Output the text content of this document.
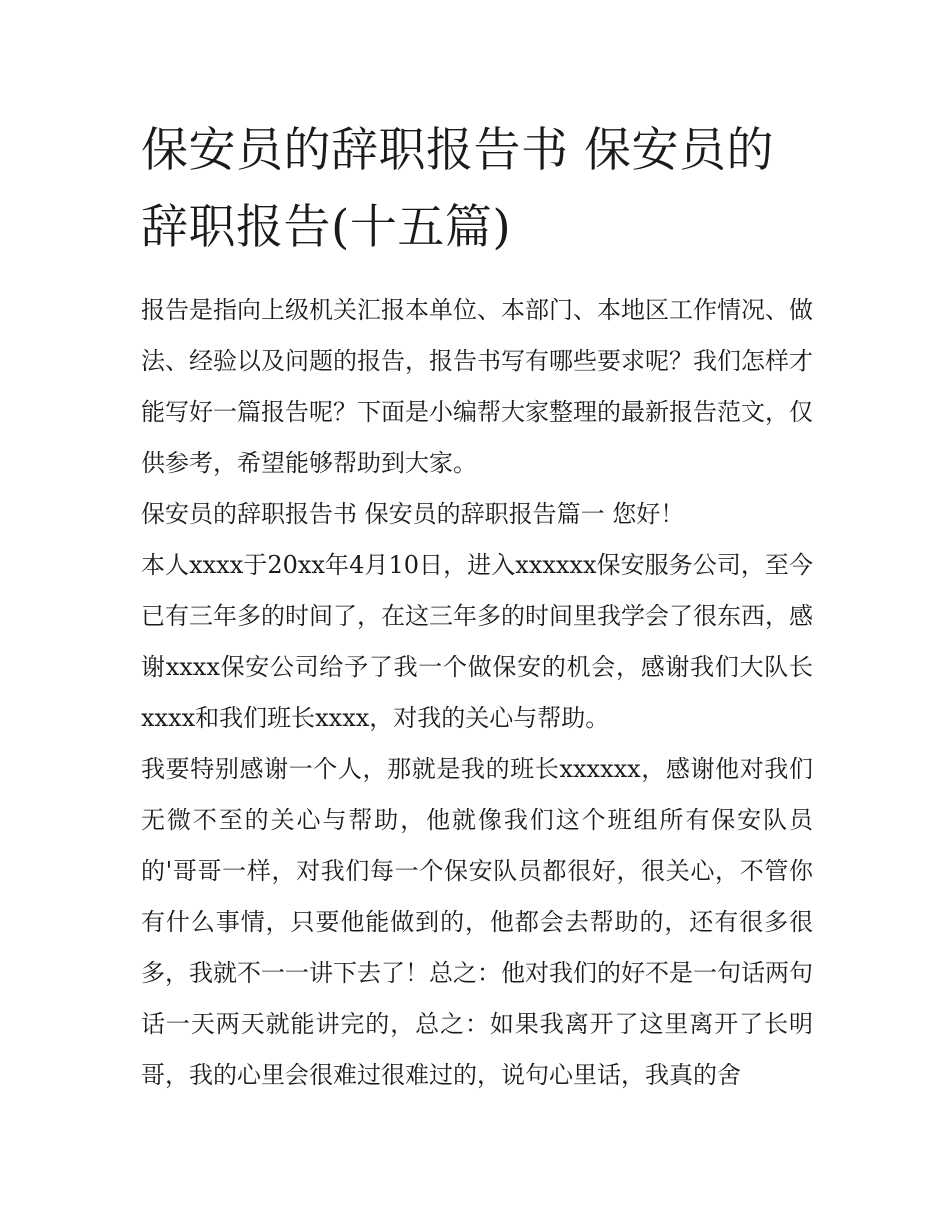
保安员的辞职报告书 保安员的辞职报告(十五篇)

报告是指向上级机关汇报本单位、本部门、本地区工作情况、做法、经验以及问题的报告，报告书写有哪些要求呢？我们怎样才能写好一篇报告呢？下面是小编帮大家整理的最新报告范文，仅供参考，希望能够帮助到大家。

保安员的辞职报告书 保安员的辞职报告篇一 您好！

本人xxxx于20xx年4月10日，进入xxxxxx保安服务公司，至今已有三年多的时间了，在这三年多的时间里我学会了很东西，感谢xxxx保安公司给予了我一个做保安的机会，感谢我们大队长xxxx和我们班长xxxx，对我的关心与帮助。

我要特别感谢一个人，那就是我的班长xxxxxx，感谢他对我们无微不至的关心与帮助，他就像我们这个班组所有保安队员的'哥哥一样，对我们每一个保安队员都很好，很关心，不管你有什么事情，只要他能做到的，他都会去帮助的，还有很多很多，我就不一一讲下去了！总之：他对我们的好不是一句话两句话一天两天就能讲完的，总之：如果我离开了这里离开了长明哥，我的心里会很难过很难过的，说句心里话，我真的舍
